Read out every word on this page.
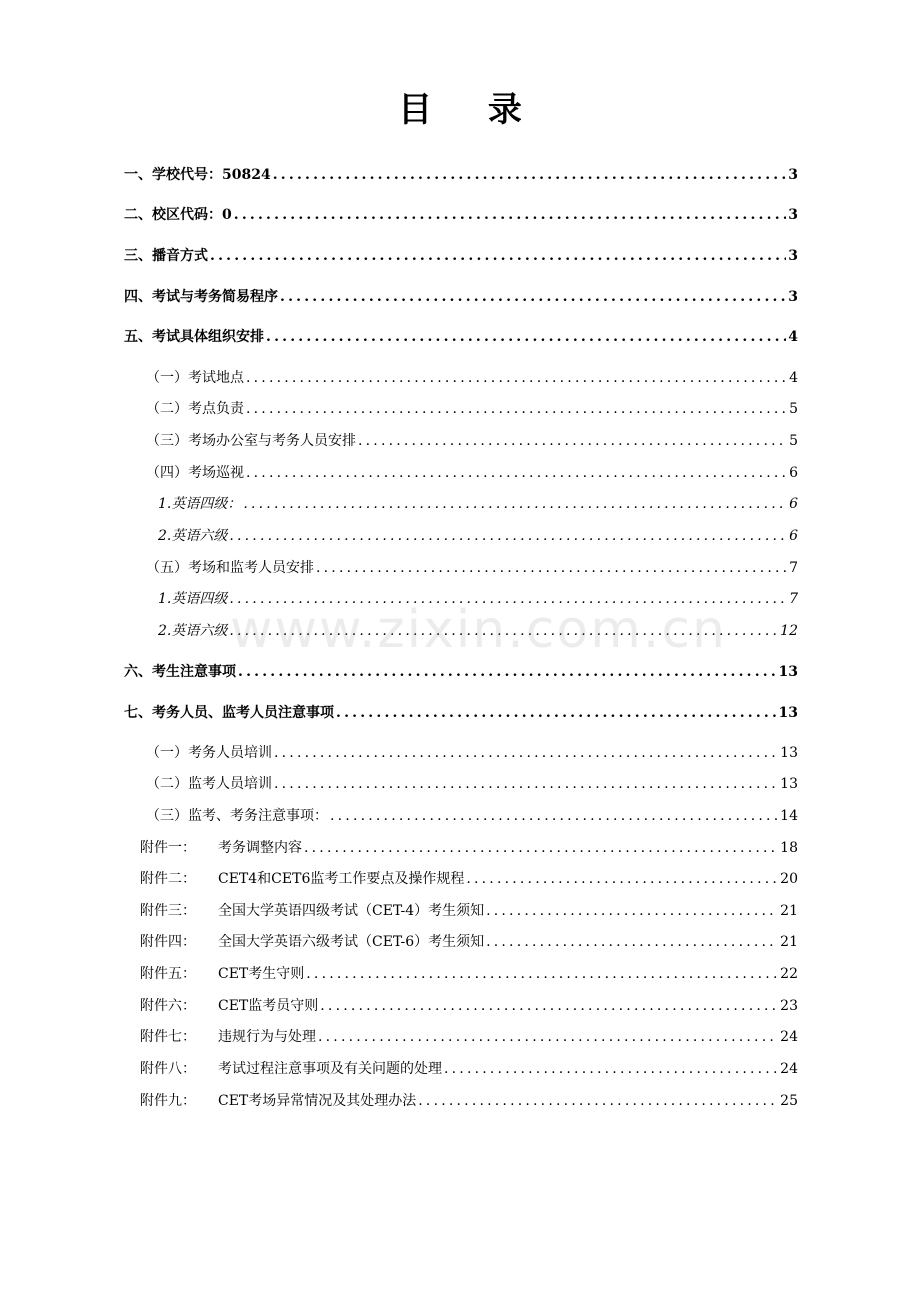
目 录
一、学校代号：50824 .....	3
二、校区代码：0 .....	3
三、播音方式 .....	3
四、考试与考务简易程序 .....	3
五、考试具体组织安排 .....	4
（一）考试地点 .....	4
（二）考点负责 .....	5
（三）考场办公室与考务人员安排 .....	5
（四）考场巡视 .....	6
1.英语四级： .....	6
2.英语六级 .....	6
（五）考场和监考人员安排 .....	7
1.英语四级 .....	7
2.英语六级 .....	12
六、考生注意事项 .....	13
七、考务人员、监考人员注意事项 .....	13
（一）考务人员培训 .....	13
（二）监考人员培训 .....	13
（三）监考、考务注意事项： .....	14
附件一： 考务调整内容 .....	18
附件二： CET4和CET6监考工作要点及操作规程 .....	20
附件三： 全国大学英语四级考试（CET-4）考生须知 .....	21
附件四： 全国大学英语六级考试（CET-6）考生须知 .....	21
附件五： CET考生守则 .....	22
附件六： CET监考员守则 .....	23
附件七： 违规行为与处理 .....	24
附件八： 考试过程注意事项及有关问题的处理 .....	24
附件九： CET考场异常情况及其处理办法 .....	25
www.zixin.com.cn
